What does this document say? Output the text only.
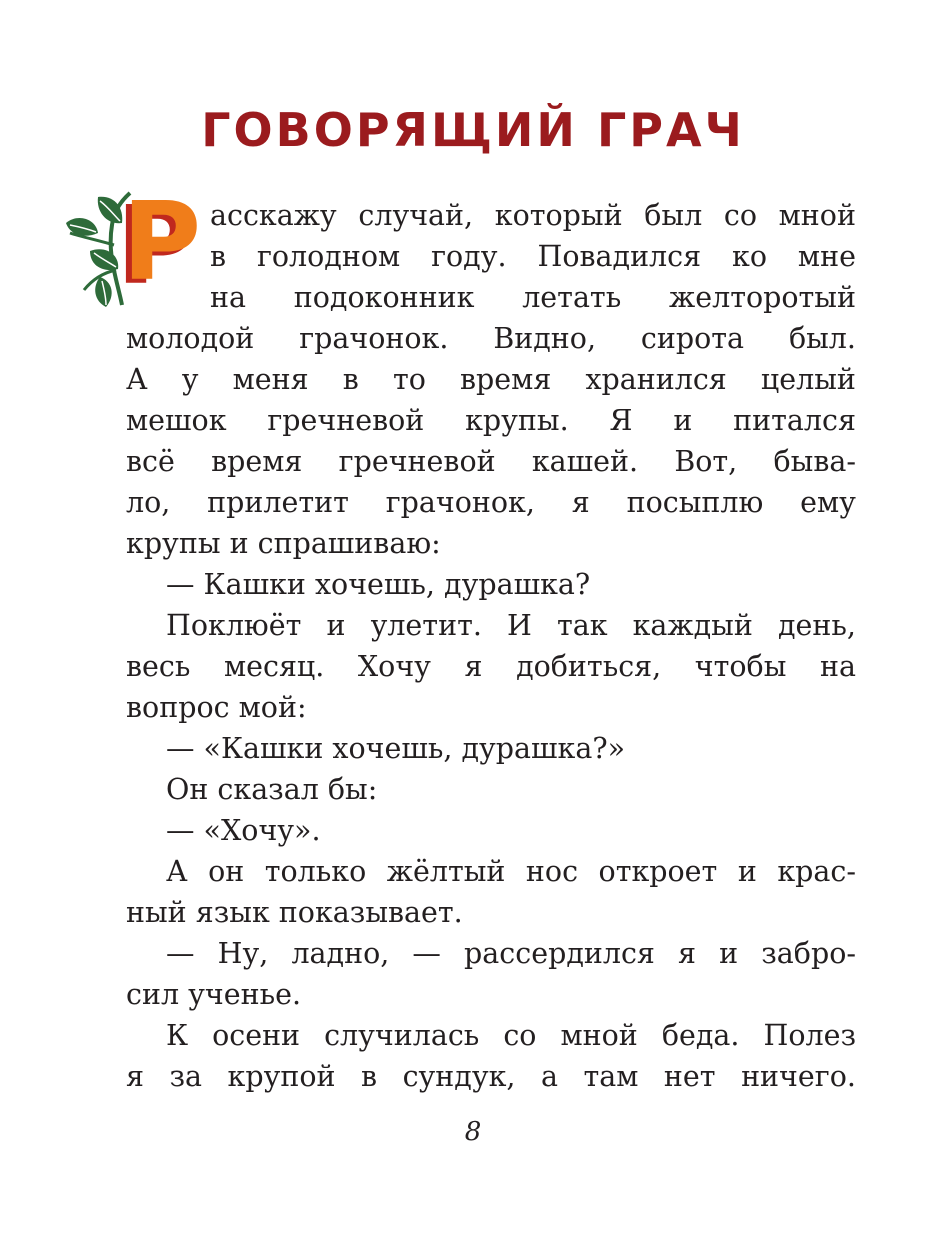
ГОВОРЯЩИЙ ГРАЧ
Р асскажу случай, который был со мной
в голодном году. Повадился ко мне
на подоконник летать желторотый
молодой грачонок. Видно, сирота был.
А у меня в то время хранился целый
мешок гречневой крупы. Я и питался
всё время гречневой кашей. Вот, быва-
ло, прилетит грачонок, я посыплю ему
крупы и спрашиваю:
— Кашки хочешь, дурашка?
Поклюёт и улетит. И так каждый день,
весь месяц. Хочу я добиться, чтобы на
вопрос мой:
— «Кашки хочешь, дурашка?»
Он сказал бы:
— «Хочу».
А он только жёлтый нос откроет и крас-
ный язык показывает.
— Ну, ладно, — рассердился я и забро-
сил ученье.
К осени случилась со мной беда. Полез
я за крупой в сундук, а там нет ничего.
8
